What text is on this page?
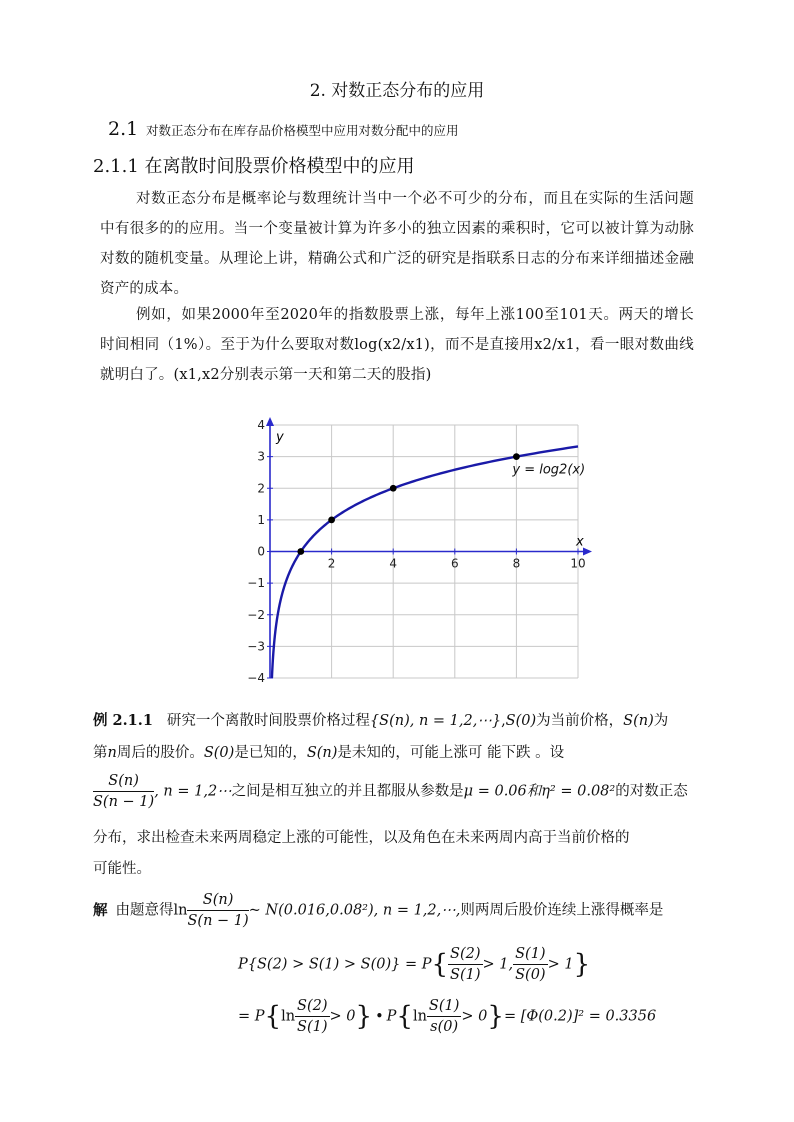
2. 对数正态分布的应用
2.1 对数正态分布在库存品价格模型中应用对数分配中的应用
2.1.1 在离散时间股票价格模型中的应用
对数正态分布是概率论与数理统计当中一个必不可少的分布，而且在实际的生活问题中有很多的的应用。当一个变量被计算为许多小的独立因素的乘积时，它可以被计算为动脉对数的随机变量。从理论上讲，精确公式和广泛的研究是指联系日志的分布来详细描述金融资产的成本。
例如，如果2000年至2020年的指数股票上涨，每年上涨100至101天。两天的增长时间相同（1%）。至于为什么要取对数log(x2/x1)，而不是直接用x2/x1，看一眼对数曲线就明白了。(x1,x2分别表示第一天和第二天的股指)
2	4	6	8	10
−4
−3
−2
−1
0
1
2
3
4
y = log2(x)
x
y
例 2.1.1 研究一个离散时间股票价格过程{S(n), n = 1,2,⋯},S(0)为当前价格，S(n)为
第n周后的股价。S(0)是已知的，S(n)是未知的，可能上涨可 能下跌 。设
$\frac{S(n)}{S(n - 1)}$ , n = 1,2⋯之间是相互独立的并且都服从参数是μ = 0.06和η² = 0.08²的对数正态
分布，求出检查未来两周稳定上涨的可能性，以及角色在未来两周内高于当前价格的
可能性。
解 由题意得$\ln \frac{S(n)}{S(n - 1)}$ ~ N(0.016,0.08²), n = 1,2,⋯,则两周后股价连续上涨得概率是
$P\{S(2) > S(1) > S(0)\} = P\{ \frac{S(2)}{S(1)} > 1$, $\frac{S(1)}{S(0)} > 1$}
= $P\{\ln \frac{S(2)}{S(1)} > 0\}$ • $P\{\ln \frac{S(1)}{s(0)} > 0\}= [\Phi(0.2)]^2 = 0.3356$
